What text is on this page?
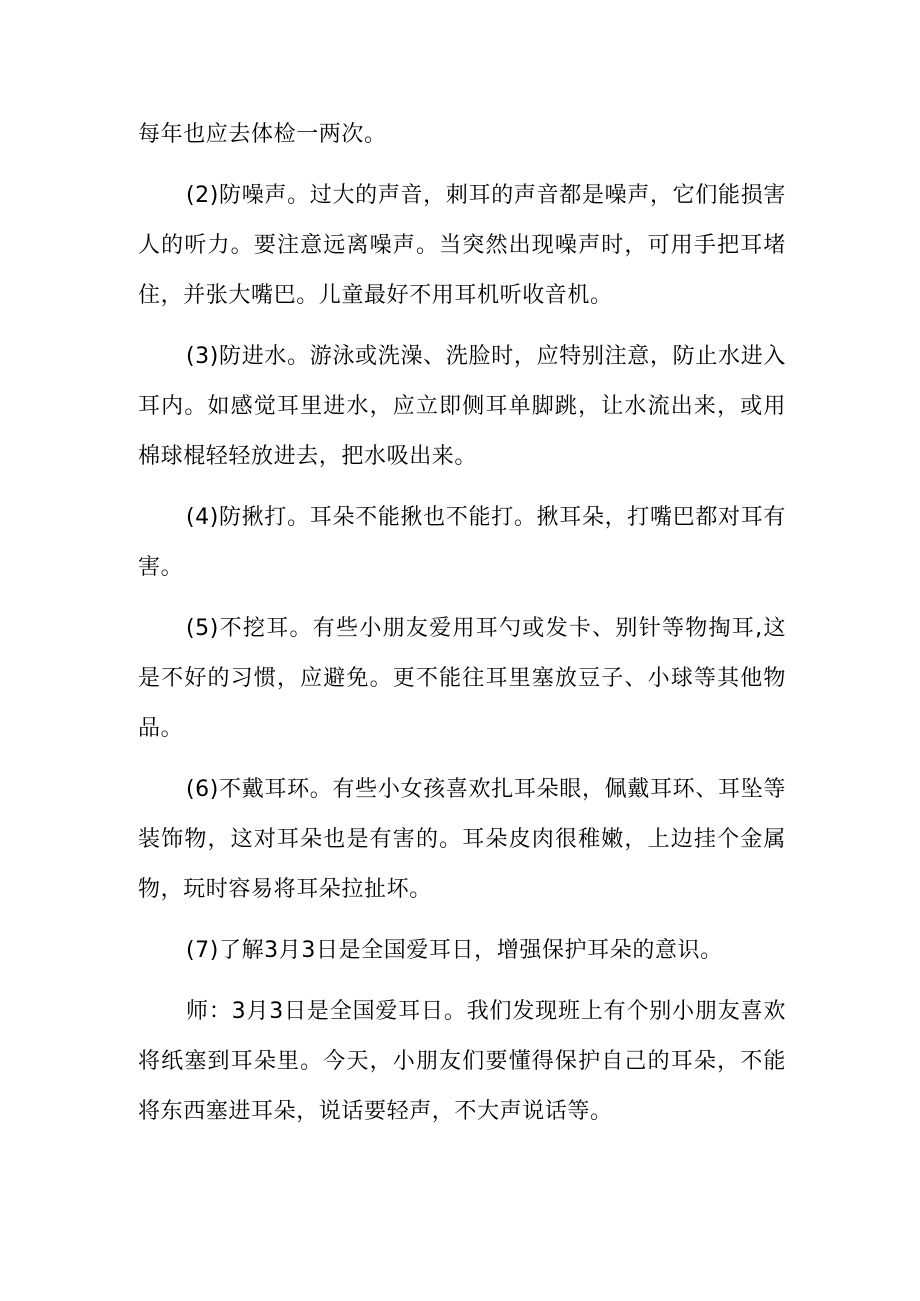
每年也应去体检一两次。

(2)防噪声。过大的声音，刺耳的声音都是噪声，它们能损害人的听力。要注意远离噪声。当突然出现噪声时，可用手把耳堵住，并张大嘴巴。儿童最好不用耳机听收音机。

(3)防进水。游泳或洗澡、洗脸时，应特别注意，防止水进入耳内。如感觉耳里进水，应立即侧耳单脚跳，让水流出来，或用棉球棍轻轻放进去，把水吸出来。

(4)防揪打。耳朵不能揪也不能打。揪耳朵，打嘴巴都对耳有害。

(5)不挖耳。有些小朋友爱用耳勺或发卡、别针等物掏耳,这是不好的习惯，应避免。更不能往耳里塞放豆子、小球等其他物品。

(6)不戴耳环。有些小女孩喜欢扎耳朵眼，佩戴耳环、耳坠等装饰物，这对耳朵也是有害的。耳朵皮肉很稚嫩，上边挂个金属物，玩时容易将耳朵拉扯坏。

(7)了解3月3日是全国爱耳日，增强保护耳朵的意识。

师：3月3日是全国爱耳日。我们发现班上有个别小朋友喜欢将纸塞到耳朵里。今天，小朋友们要懂得保护自己的耳朵，不能将东西塞进耳朵，说话要轻声，不大声说话等。
